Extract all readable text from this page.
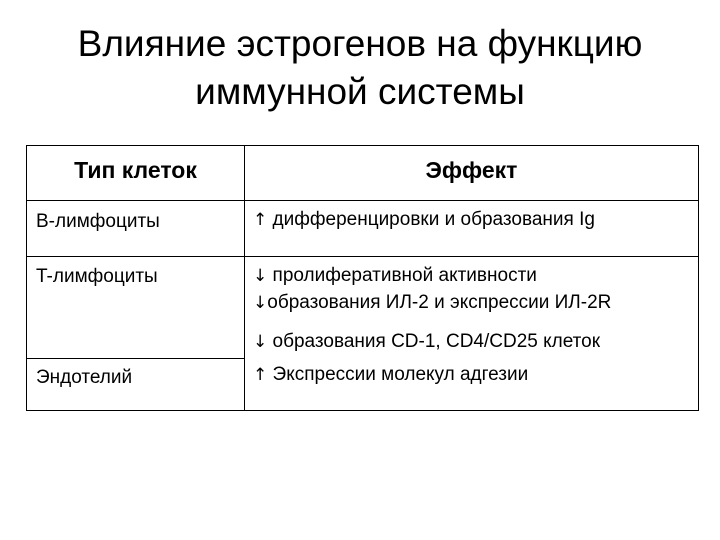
Влияние эстрогенов на функцию
иммунной системы
Тип клеток	Эффект
B-лимфоциты	↑ дифференцировки и образования Ig
T-лимфоциты	↓ пролиферативной активности
↓образования ИЛ-2 и экспрессии ИЛ-2R
↓ образования CD-1, CD4/CD25 клеток
Эндотелий	↑ Экспрессии молекул адгезии
